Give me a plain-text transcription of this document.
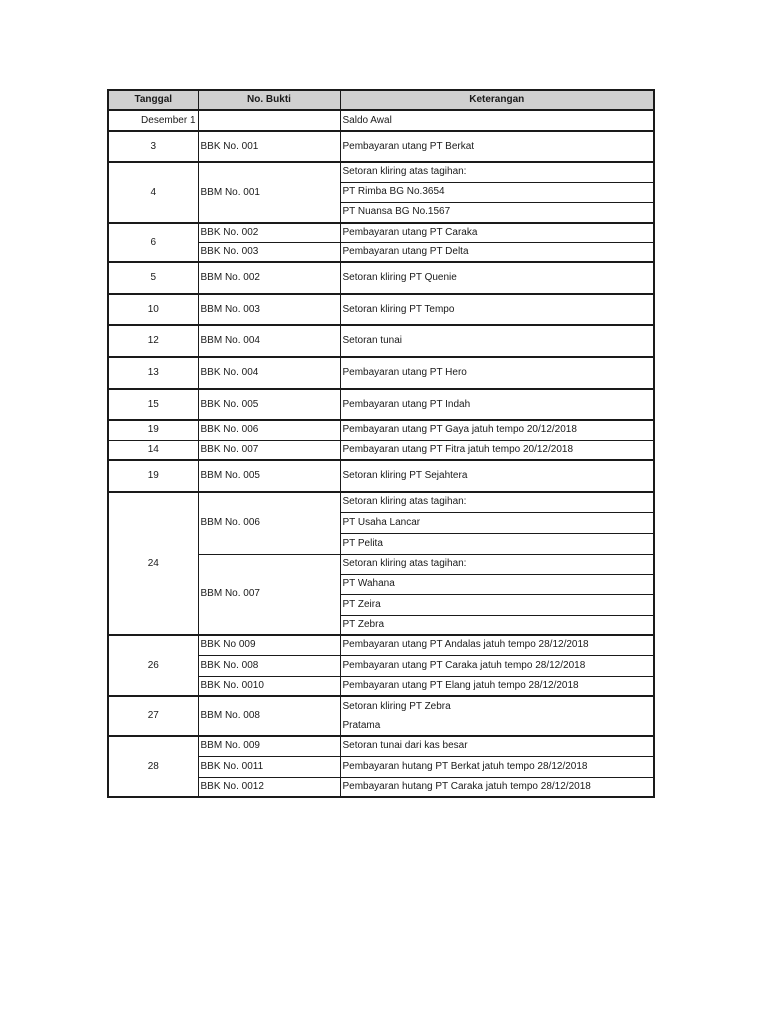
Tanggal	No. Bukti	Keterangan
Desember 1		Saldo Awal
3	BBK No. 001	Pembayaran utang PT Berkat
4	BBM No. 001	Setoran kliring atas tagihan:
		PT Rimba BG No.3654
		PT Nuansa BG No.1567
6	BBK No. 002	Pembayaran utang PT Caraka
	BBK No. 003	Pembayaran utang PT Delta
5	BBM No. 002	Setoran kliring PT Quenie
10	BBM No. 003	Setoran kliring PT Tempo
12	BBM No. 004	Setoran tunai
13	BBK No. 004	Pembayaran utang PT Hero
15	BBK No. 005	Pembayaran utang PT Indah
19	BBK No. 006	Pembayaran utang PT Gaya jatuh tempo 20/12/2018
14	BBK No. 007	Pembayaran utang PT Fitra jatuh tempo 20/12/2018
19	BBM No. 005	Setoran kliring PT Sejahtera
24	BBM No. 006	Setoran kliring atas tagihan:
		PT Usaha Lancar
		PT Pelita
	BBM No. 007	Setoran kliring atas tagihan:
		PT Wahana
		PT Zeira
		PT Zebra
26	BBK No 009	Pembayaran utang PT Andalas jatuh tempo 28/12/2018
	BBK No. 008	Pembayaran utang PT Caraka jatuh tempo 28/12/2018
	BBK No. 0010	Pembayaran utang PT Elang jatuh tempo 28/12/2018
27	BBM No. 008	Setoran kliring PT Zebra
		Pratama
28	BBM No. 009	Setoran tunai dari kas besar
	BBK No. 0011	Pembayaran hutang PT Berkat jatuh tempo 28/12/2018
	BBK No. 0012	Pembayaran hutang PT Caraka jatuh tempo 28/12/2018
